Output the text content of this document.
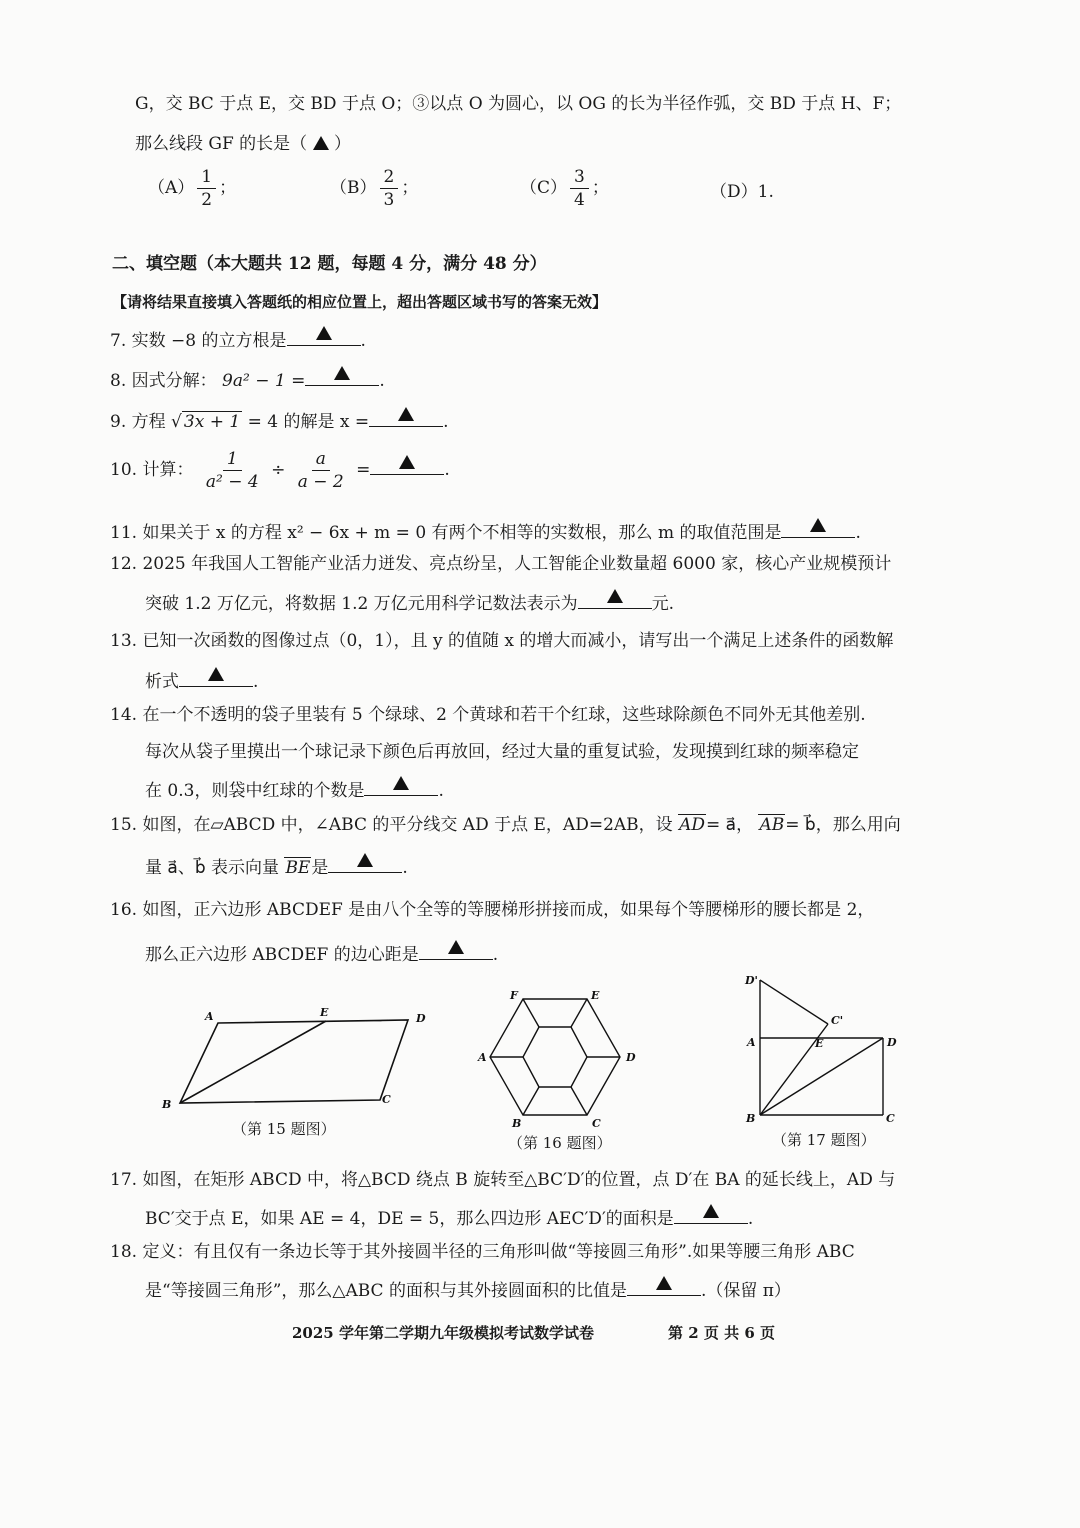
G，交 BC 于点 E，交 BD 于点 O；③以点 O 为圆心，以 OG 的长为半径作弧，交 BD 于点 H、F；
那么线段 GF 的长是（ ）
$(A) \frac{1}{2}$ ；	$(B) \frac{2}{3}$ ；	$(C) \frac{3}{4}$ ；	（D）1.
二、填空题（本大题共 12 题，每题 4 分，满分 48 分）
【请将结果直接填入答题纸的相应位置上，超出答题区域书写的答案无效】
7. 实数 −8 的立方根是	.
8. 因式分解： 9a² − 1 =	.
9. 方程 √ 3x + 1 = 4 的解是 x =	.
10. 计算： $\frac{1}{\text{a² − 4}} \div \frac{a}{a - 2}$ =	.
11. 如果关于 x 的方程 x² − 6x + m = 0 有两个不相等的实数根，那么 m 的取值范围是	.
12. 2025 年我国人工智能产业活力迸发、亮点纷呈，人工智能企业数量超 6000 家，核心产业规模预计
突破 1.2 万亿元，将数据 1.2 万亿元用科学记数法表示为	元.
13. 已知一次函数的图像过点（0，1），且 y 的值随 x 的增大而减小，请写出一个满足上述条件的函数解
析式	.
14. 在一个不透明的袋子里装有 5 个绿球、2 个黄球和若干个红球，这些球除颜色不同外无其他差别.
每次从袋子里摸出一个球记录下颜色后再放回，经过大量的重复试验，发现摸到红球的频率稳定
在 0.3，则袋中红球的个数是	.
15. 如图，在▱ABCD 中，∠ABC 的平分线交 AD 于点 E，AD=2AB，设 AD= a⃗， AB= b⃗，那么用向
量 a⃗、b⃗ 表示向量 BE是	.
16. 如图，正六边形 ABCDEF 是由八个全等的等腰梯形拼接而成，如果每个等腰梯形的腰长都是 2，
那么正六边形 ABCDEF 的边心距是	.
A	E	D
B	C
（第 15 题图）
F	E
A	D
B	C
（第 16 题图）
D'
C'
A	E	D
B	C
（第 17 题图）
17. 如图，在矩形 ABCD 中，将△BCD 绕点 B 旋转至△BC′D′的位置，点 D′在 BA 的延长线上，AD 与
BC′交于点 E，如果 AE = 4，DE = 5，那么四边形 AEC′D′的面积是	.
18. 定义：有且仅有一条边长等于其外接圆半径的三角形叫做“等接圆三角形”.如果等腰三角形 ABC
是“等接圆三角形”，那么△ABC 的面积与其外接圆面积的比值是	.（保留 π）
2025 学年第二学期九年级模拟考试数学试卷	第 2 页 共 6 页
